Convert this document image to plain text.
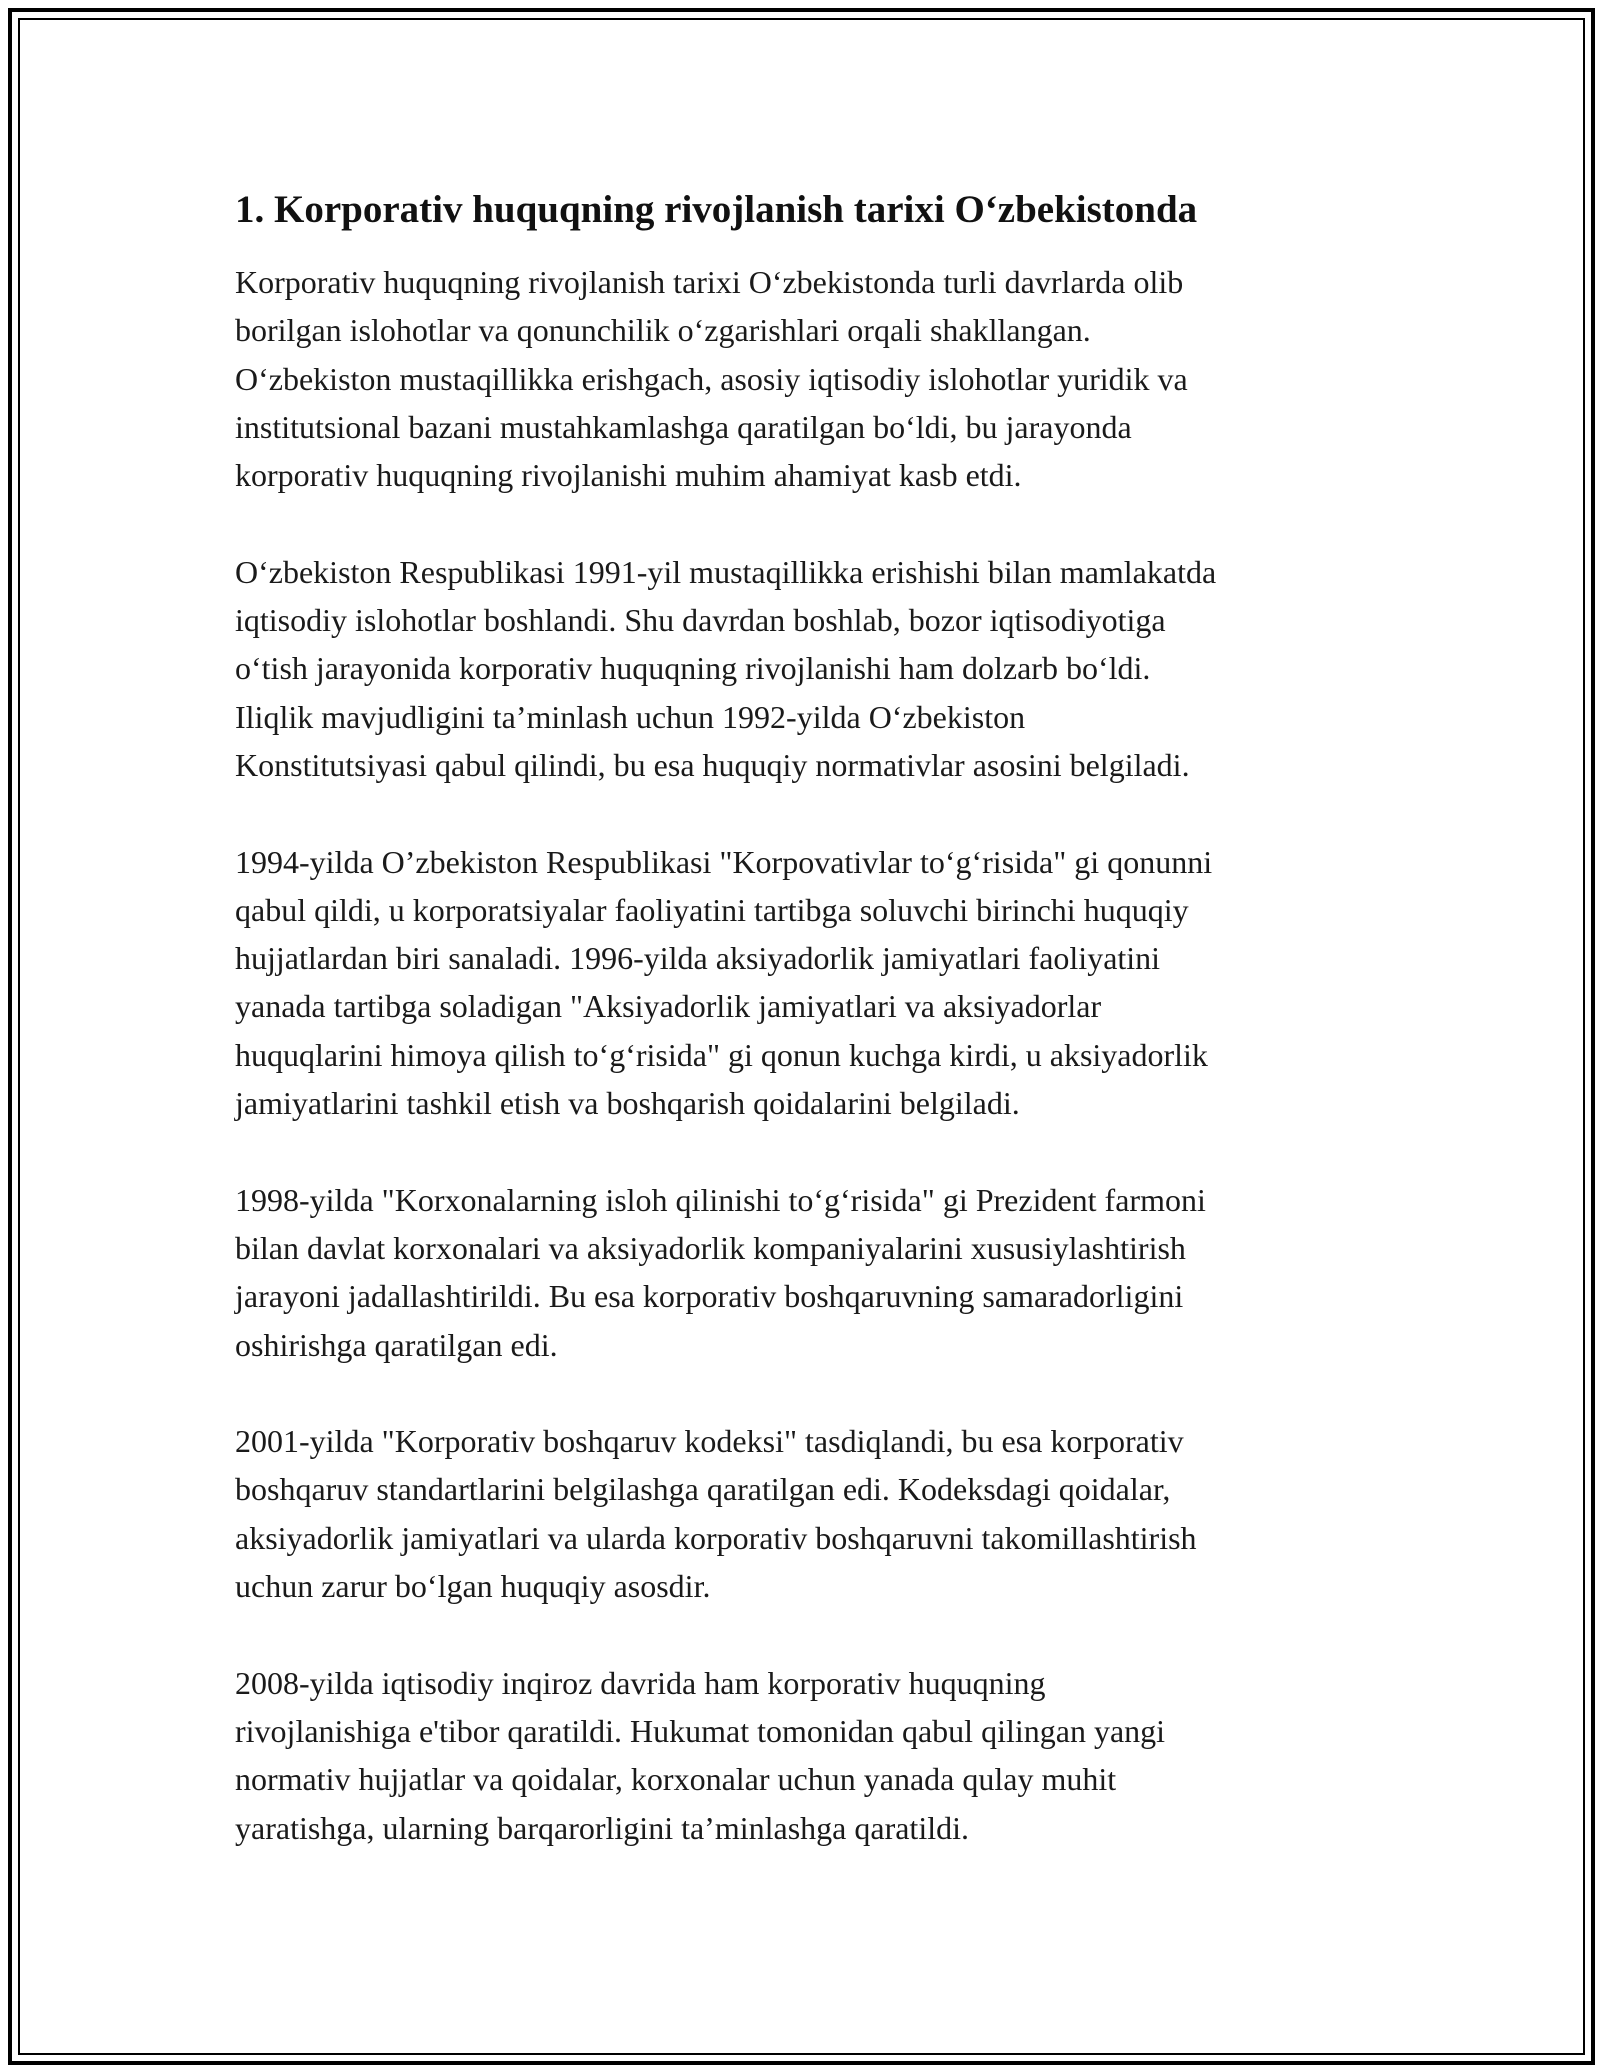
1. Korporativ huquqning rivojlanish tarixi O‘zbekistonda
Korporativ huquqning rivojlanish tarixi O‘zbekistonda turli davrlarda olib
borilgan islohotlar va qonunchilik o‘zgarishlari orqali shakllangan.
O‘zbekiston mustaqillikka erishgach, asosiy iqtisodiy islohotlar yuridik va
institutsional bazani mustahkamlashga qaratilgan bo‘ldi, bu jarayonda
korporativ huquqning rivojlanishi muhim ahamiyat kasb etdi.
O‘zbekiston Respublikasi 1991-yil mustaqillikka erishishi bilan mamlakatda
iqtisodiy islohotlar boshlandi. Shu davrdan boshlab, bozor iqtisodiyotiga
o‘tish jarayonida korporativ huquqning rivojlanishi ham dolzarb bo‘ldi.
Iliqlik mavjudligini ta’minlash uchun 1992-yilda O‘zbekiston
Konstitutsiyasi qabul qilindi, bu esa huquqiy normativlar asosini belgiladi.
1994-yilda O’zbekiston Respublikasi "Korpovativlar to‘g‘risida" gi qonunni
qabul qildi, u korporatsiyalar faoliyatini tartibga soluvchi birinchi huquqiy
hujjatlardan biri sanaladi. 1996-yilda aksiyadorlik jamiyatlari faoliyatini
yanada tartibga soladigan "Aksiyadorlik jamiyatlari va aksiyadorlar
huquqlarini himoya qilish to‘g‘risida" gi qonun kuchga kirdi, u aksiyadorlik
jamiyatlarini tashkil etish va boshqarish qoidalarini belgiladi.
1998-yilda "Korxonalarning isloh qilinishi to‘g‘risida" gi Prezident farmoni
bilan davlat korxonalari va aksiyadorlik kompaniyalarini xususiylashtirish
jarayoni jadallashtirildi. Bu esa korporativ boshqaruvning samaradorligini
oshirishga qaratilgan edi.
2001-yilda "Korporativ boshqaruv kodeksi" tasdiqlandi, bu esa korporativ
boshqaruv standartlarini belgilashga qaratilgan edi. Kodeksdagi qoidalar,
aksiyadorlik jamiyatlari va ularda korporativ boshqaruvni takomillashtirish
uchun zarur bo‘lgan huquqiy asosdir.
2008-yilda iqtisodiy inqiroz davrida ham korporativ huquqning
rivojlanishiga e'tibor qaratildi. Hukumat tomonidan qabul qilingan yangi
normativ hujjatlar va qoidalar, korxonalar uchun yanada qulay muhit
yaratishga, ularning barqarorligini ta’minlashga qaratildi.
